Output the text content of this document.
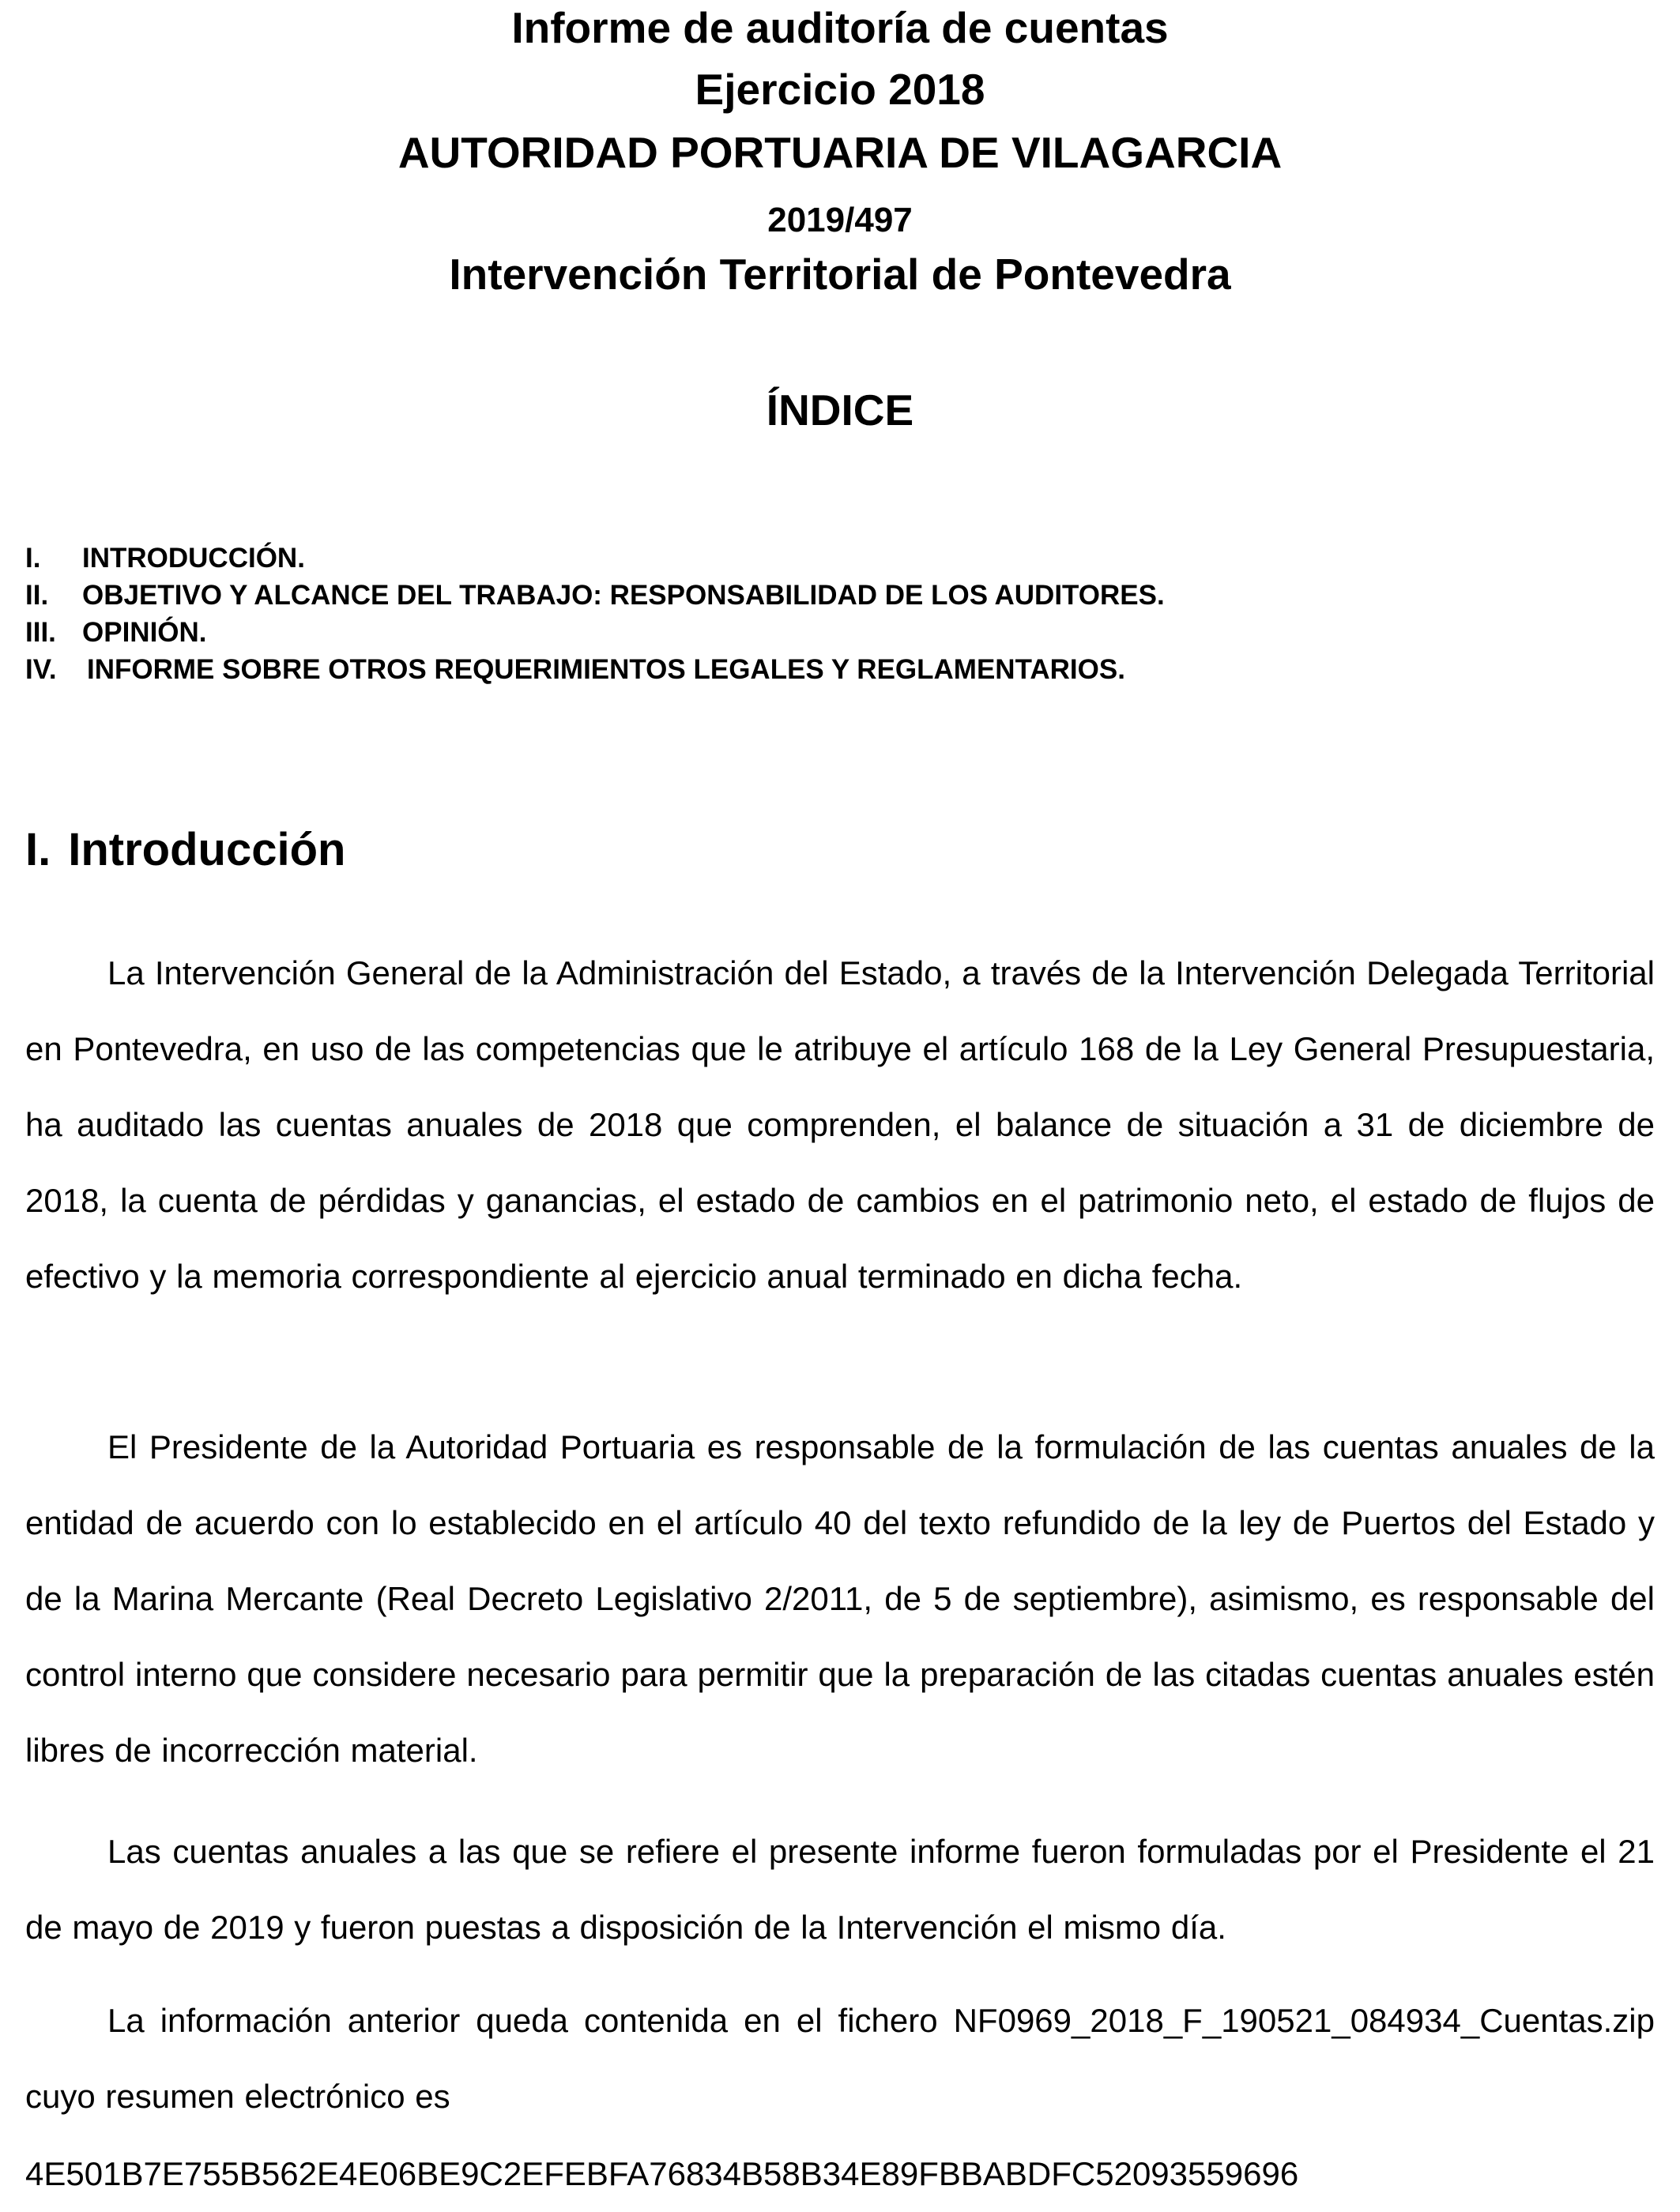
Informe de auditoría de cuentas
Ejercicio 2018
AUTORIDAD PORTUARIA DE VILAGARCIA
2019/497
Intervención Territorial de Pontevedra
ÍNDICE
I. INTRODUCCIÓN.
II. OBJETIVO Y ALCANCE DEL TRABAJO: RESPONSABILIDAD DE LOS AUDITORES.
III. OPINIÓN.
IV. INFORME SOBRE OTROS REQUERIMIENTOS LEGALES Y REGLAMENTARIOS.
I. Introducción
La Intervención General de la Administración del Estado, a través de la Intervención Delegada Territorial en Pontevedra, en uso de las competencias que le atribuye el artículo 168 de la Ley General Presupuestaria, ha auditado las cuentas anuales de 2018 que comprenden, el balance de situación a 31 de diciembre de 2018, la cuenta de pérdidas y ganancias, el estado de cambios en el patrimonio neto, el estado de flujos de efectivo y la memoria correspondiente al ejercicio anual terminado en dicha fecha.
El Presidente de la Autoridad Portuaria es responsable de la formulación de las cuentas anuales de la entidad de acuerdo con lo establecido en el artículo 40 del texto refundido de la ley de Puertos del Estado y de la Marina Mercante (Real Decreto Legislativo 2/2011, de 5 de septiembre), asimismo, es responsable del control interno que considere necesario para permitir que la preparación de las citadas cuentas anuales estén libres de incorrección material.
Las cuentas anuales a las que se refiere el presente informe fueron formuladas por el Presidente el 21 de mayo de 2019 y fueron puestas a disposición de la Intervención el mismo día.
La información anterior queda contenida en el fichero NF0969_2018_F_190521_084934_Cuentas.zip cuyo resumen electrónico es
4E501B7E755B562E4E06BE9C2EFEBFA76834B58B34E89FBBABDFC52093559696
